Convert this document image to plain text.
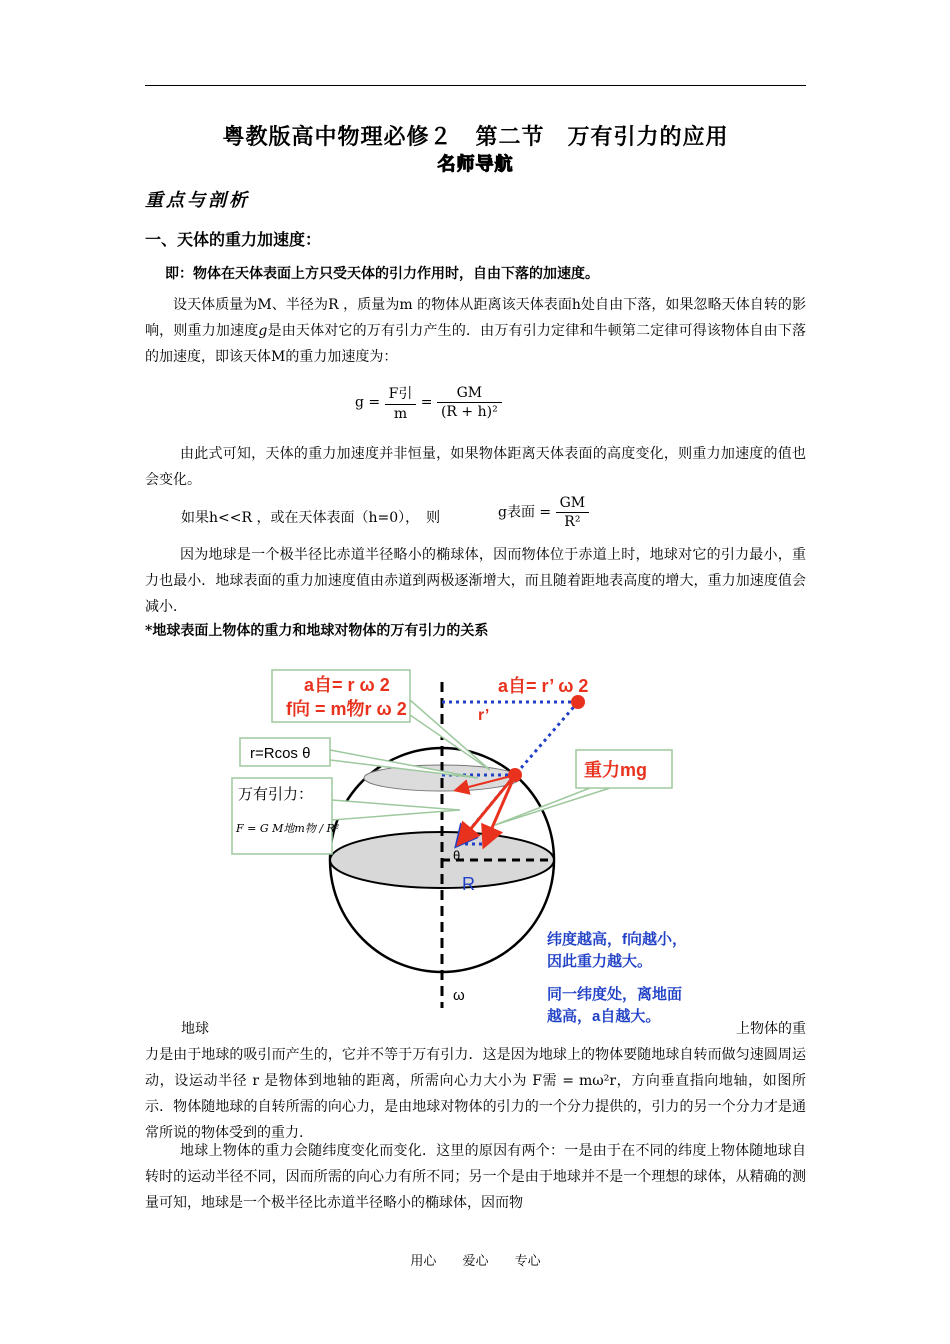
粤教版高中物理必修２　第二节　万有引力的应用
名师导航
重点与剖析
一、天体的重力加速度：
即：物体在天体表面上方只受天体的引力作用时，自由下落的加速度。
设天体质量为M、半径为R ，质量为m 的物体从距离该天体表面h处自由下落，如果忽略天体自转的影响，则重力加速度g是由天体对它的万有引力产生的．由万有引力定律和牛顿第二定律可得该物体自由下落的加速度，即该天体M的重力加速度为：
$g = \frac{\text{F引}}{m} = \frac{GM}{\text{(R + h)²}}$
由此式可知，天体的重力加速度并非恒量，如果物体距离天体表面的高度变化，则重力加速度的值也会变化。
如果h<<R ，或在天体表面（h=0），　则	g表面 = $\frac{GM}{\text{R²}}$
因为地球是一个极半径比赤道半径略小的椭球体，因而物体位于赤道上时，地球对它的引力最小，重力也最小．地球表面的重力加速度值由赤道到两极逐渐增大，而且随着距地表高度的增大，重力加速度值会减小.
*地球表面上物体的重力和地球对物体的万有引力的关系
θ
R
ω
a自= r’ ω 2
r’
a自= r ω 2
f向 = m物r ω 2
r=Rcos θ
万有引力：
F = G M地m物 / R²
重力mg
纬度越高，f向越小，
因此重力越大。
同一纬度处，离地面
越高，a自越大。
地球	上物体的重
力是由于地球的吸引而产生的，它并不等于万有引力．这是因为地球上的物体要随地球自转而做匀速圆周运动，设运动半径 r 是物体到地轴的距离，所需向心力大小为 F需 = mω²r，方向垂直指向地轴，如图所示．物体随地球的自转所需的向心力，是由地球对物体的引力的一个分力提供的，引力的另一个分力才是通常所说的物体受到的重力.
地球上物体的重力会随纬度变化而变化．这里的原因有两个：一是由于在不同的纬度上物体随地球自转时的运动半径不同，因而所需的向心力有所不同；另一个是由于地球并不是一个理想的球体，从精确的测量可知，地球是一个极半径比赤道半径略小的椭球体，因而物
用心 爱心 专心
